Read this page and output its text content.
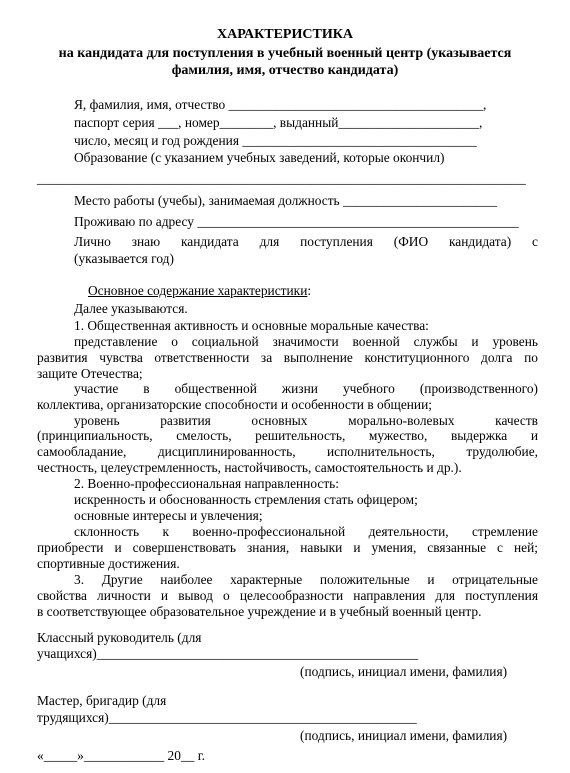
ХАРАКТЕРИСТИКА
на кандидата для поступления в учебный военный центр (указывается
фамилия, имя, отчество кандидата)
Я, фамилия, имя, отчество ______________________________________,
паспорт серия ___, номер________, выданный_____________________,
число, месяц и год рождения ___________________________________
Образование (с указанием учебных заведений, которые окончил)
_________________________________________________________________________
Место работы (учебы), занимаемая должность _______________________
Проживаю по адресу ________________________________________________
Лично знаю кандидата для поступления (ФИО кандидата) с
(указывается год)
Основное содержание характеристики:
Далее указываются.
1. Общественная активность и основные моральные качества:
представление о социальной значимости военной службы и уровень
развития чувства ответственности за выполнение конституционного долга по
защите Отечества;
участие в общественной жизни учебного (производственного)
коллектива, организаторские способности и особенности в общении;
уровень развития основных морально-волевых качеств
(принципиальность, смелость, решительность, мужество, выдержка и
самообладание, дисциплинированность, исполнительность, трудолюбие,
честность, целеустремленность, настойчивость, самостоятельность и др.).
2. Военно-профессиональная направленность:
искренность и обоснованность стремления стать офицером;
основные интересы и увлечения;
склонность к военно-профессиональной деятельности, стремление
приобрести и совершенствовать знания, навыки и умения, связанные с ней;
спортивные достижения.
3. Другие наиболее характерные положительные и отрицательные
свойства личности и вывод о целесообразности направления для поступления
в соответствующее образовательное учреждение и в учебный военный центр.
Классный руководитель (для
учащихся)________________________________________________
(подпись, инициал имени, фамилия)
Мастер, бригадир (для
трудящихся)______________________________________________
(подпись, инициал имени, фамилия)
«_____»____________ 20__ г.
